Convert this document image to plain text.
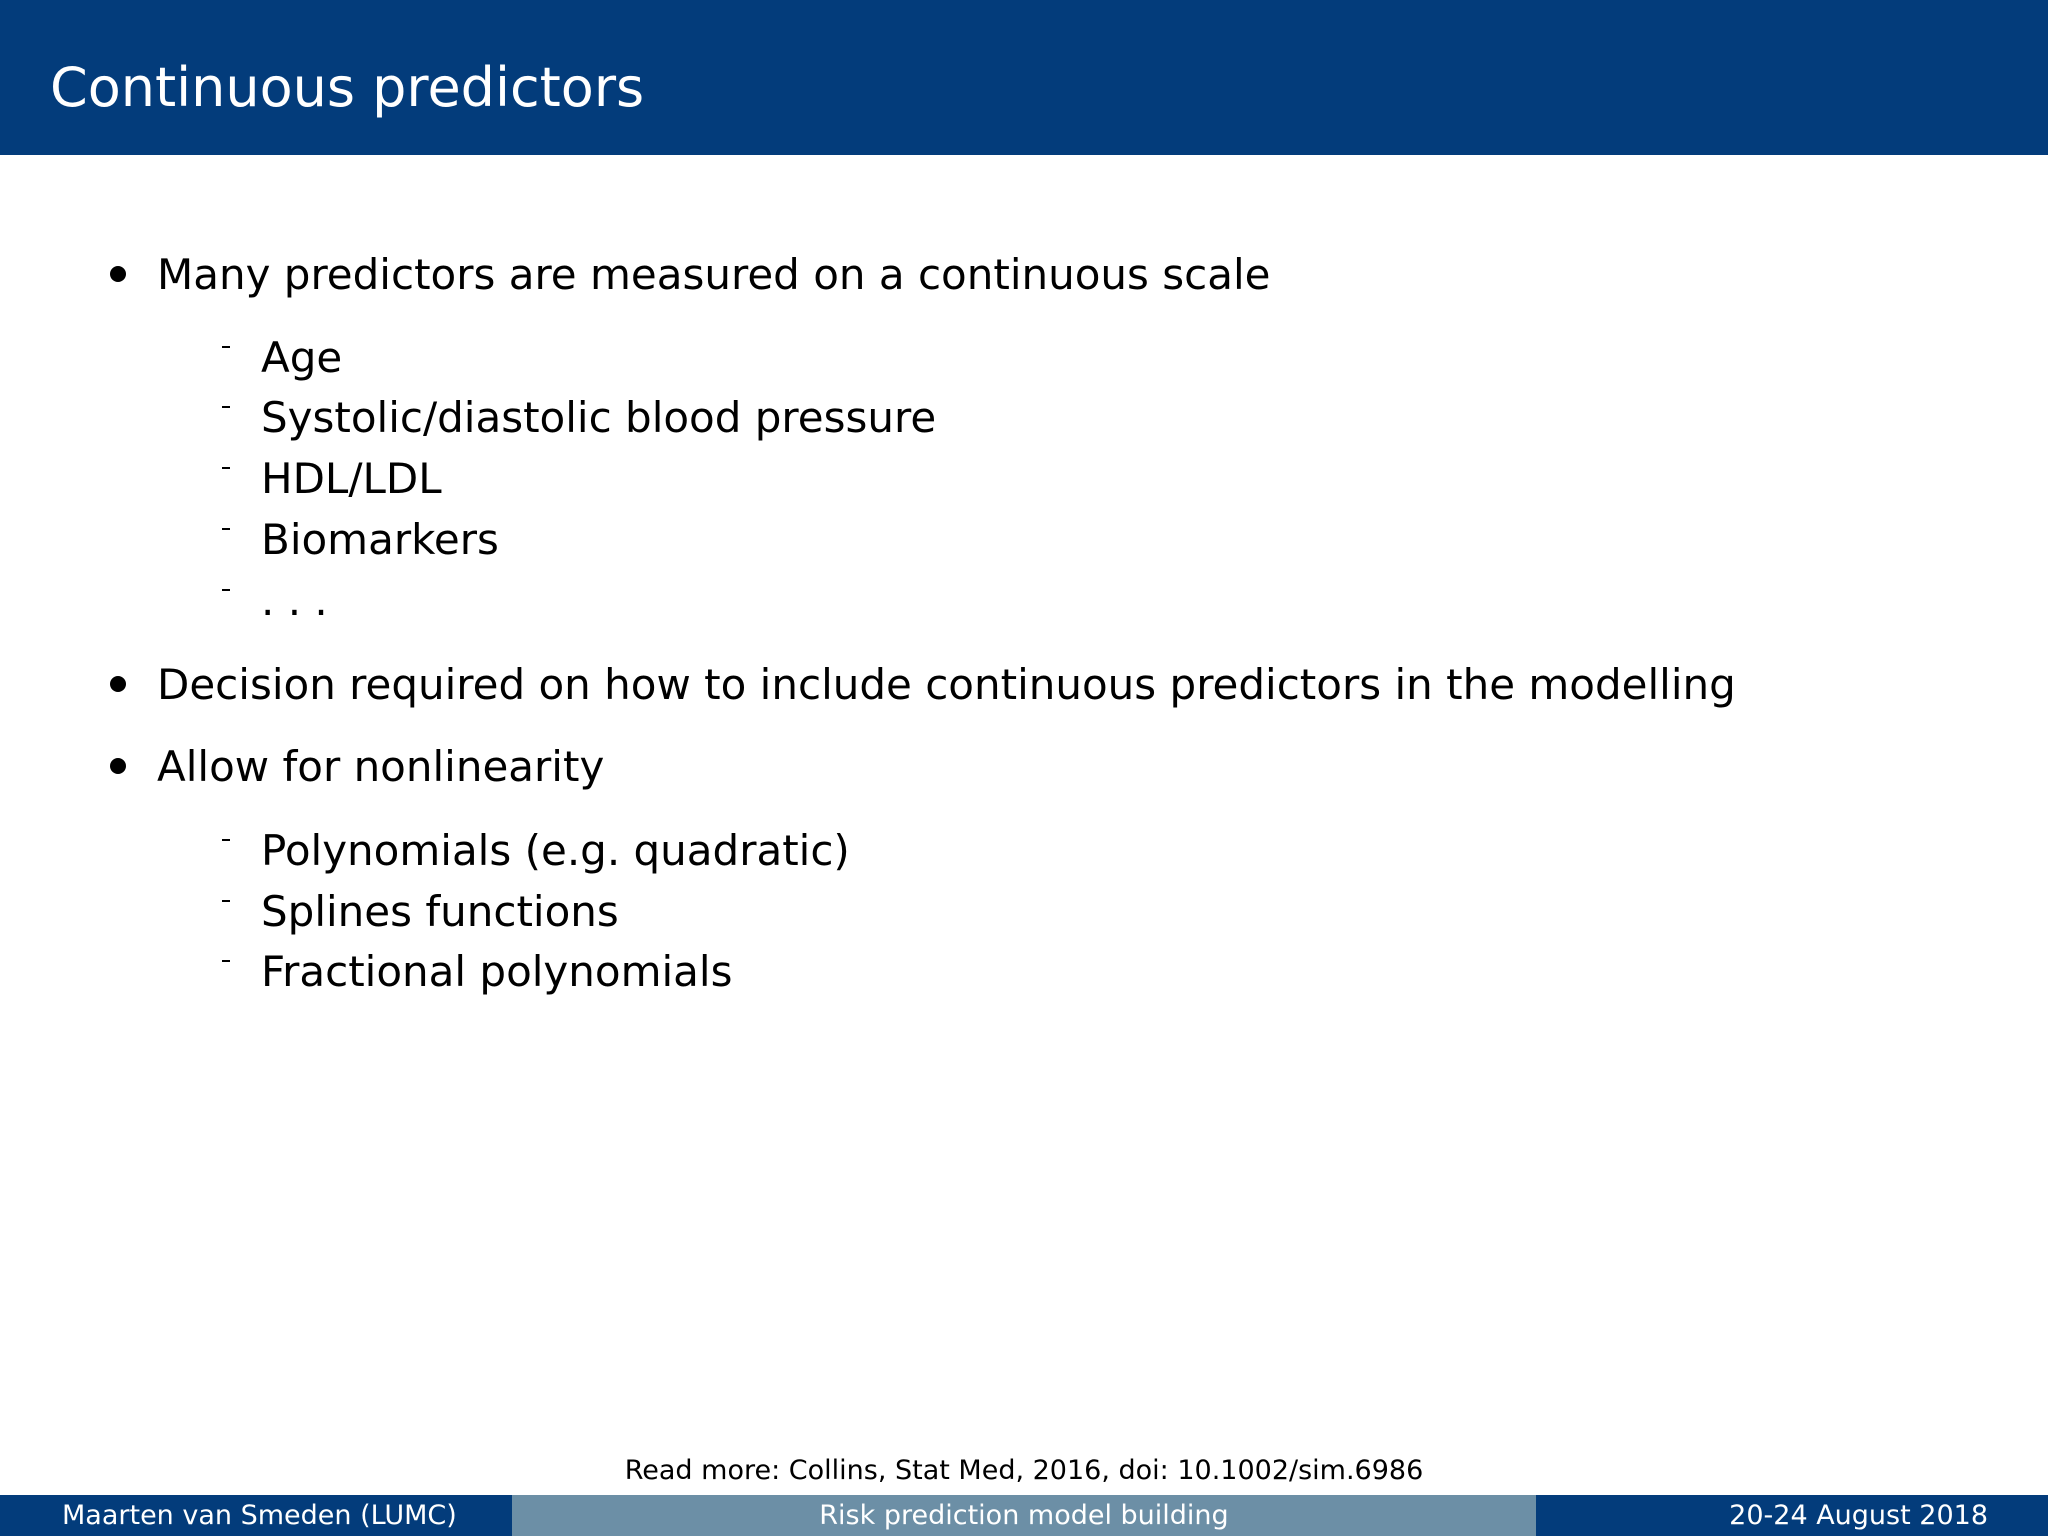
Continuous predictors
Many predictors are measured on a continuous scale
Age
Systolic/diastolic blood pressure
HDL/LDL
Biomarkers
. . .
Decision required on how to include continuous predictors in the modelling
Allow for nonlinearity
Polynomials (e.g. quadratic)
Splines functions
Fractional polynomials
Read more: Collins, Stat Med, 2016, doi: 10.1002/sim.6986
Maarten van Smeden (LUMC)	Risk prediction model building	20-24 August 2018
